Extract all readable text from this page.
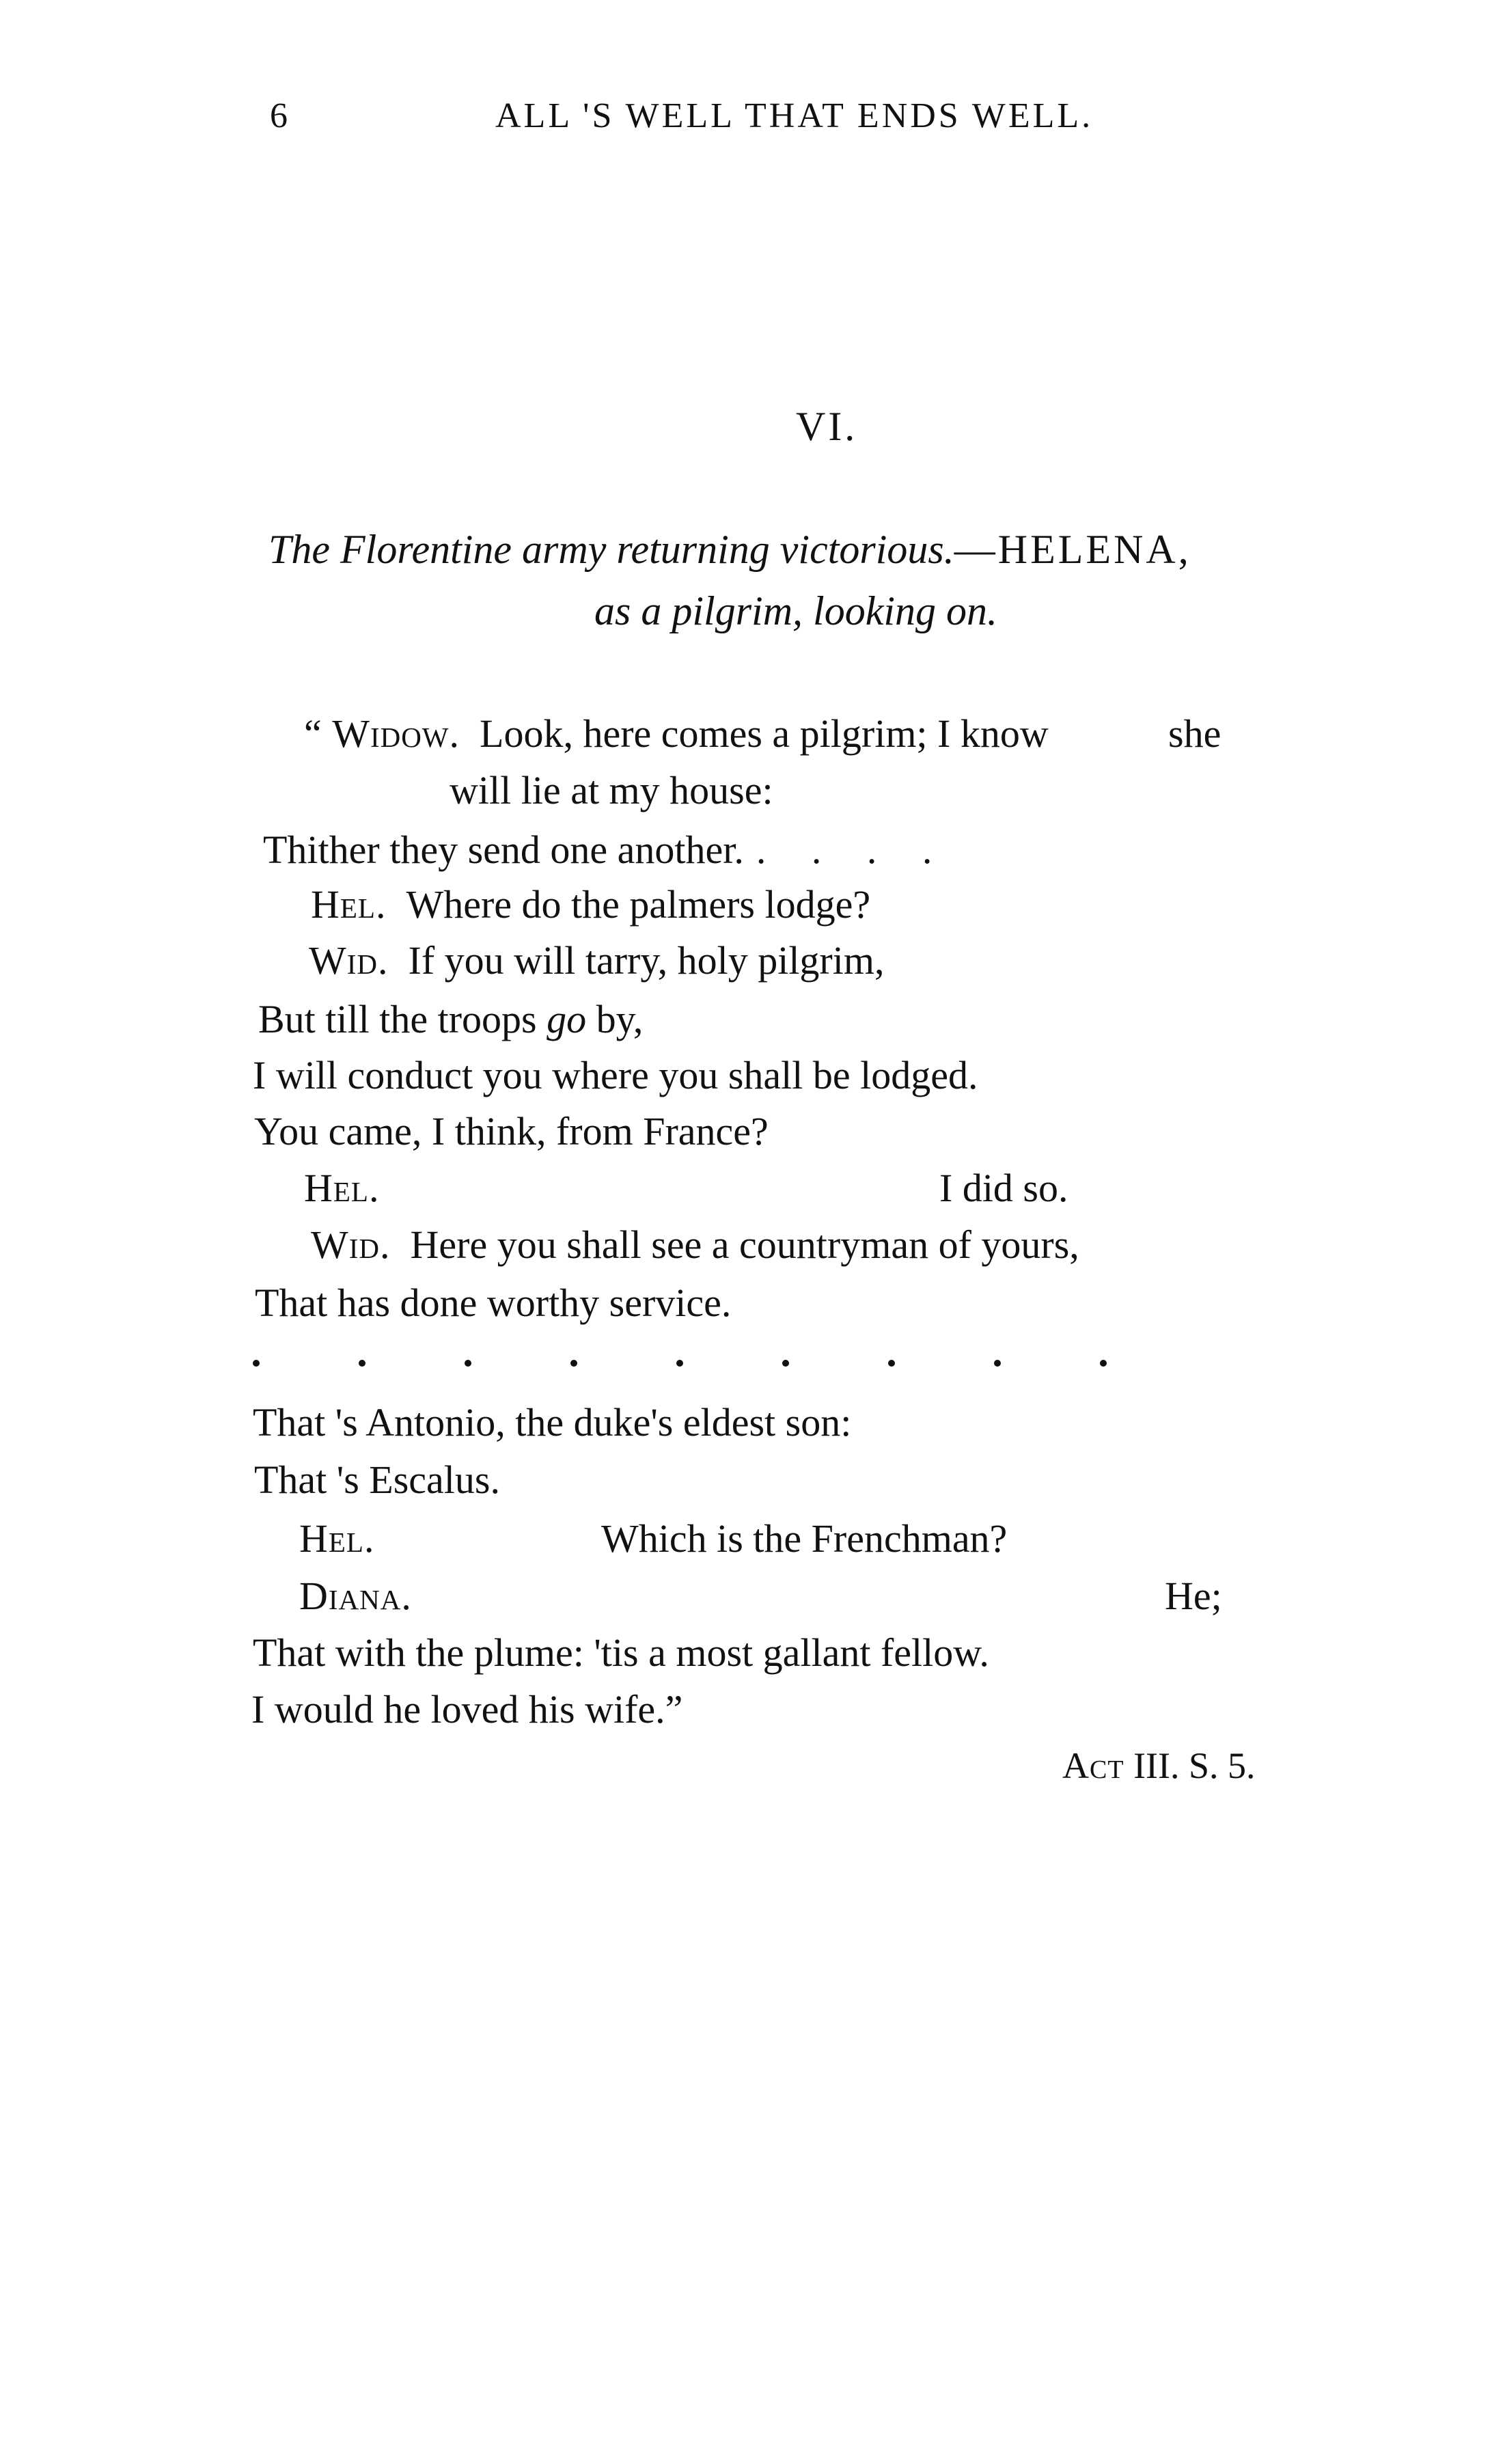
6	ALL 'S WELL THAT ENDS WELL.
VI.
The Florentine army returning victorious.—HELENA,
as a pilgrim, looking on.
“ Widow. Look, here comes a pilgrim; I know	she
will lie at my house:
Thither they send one another. . . . .
Hel. Where do the palmers lodge?
Wid. If you will tarry, holy pilgrim,
But till the troops go by,
I will conduct you where you shall be lodged.
You came, I think, from France?
Hel.	I did so.
Wid. Here you shall see a countryman of yours,
That has done worthy service.
That 's Antonio, the duke's eldest son:
That 's Escalus.
Hel.	Which is the Frenchman?
Diana.	He;
That with the plume: 'tis a most gallant fellow.
I would he loved his wife.”
Act III. S. 5.
